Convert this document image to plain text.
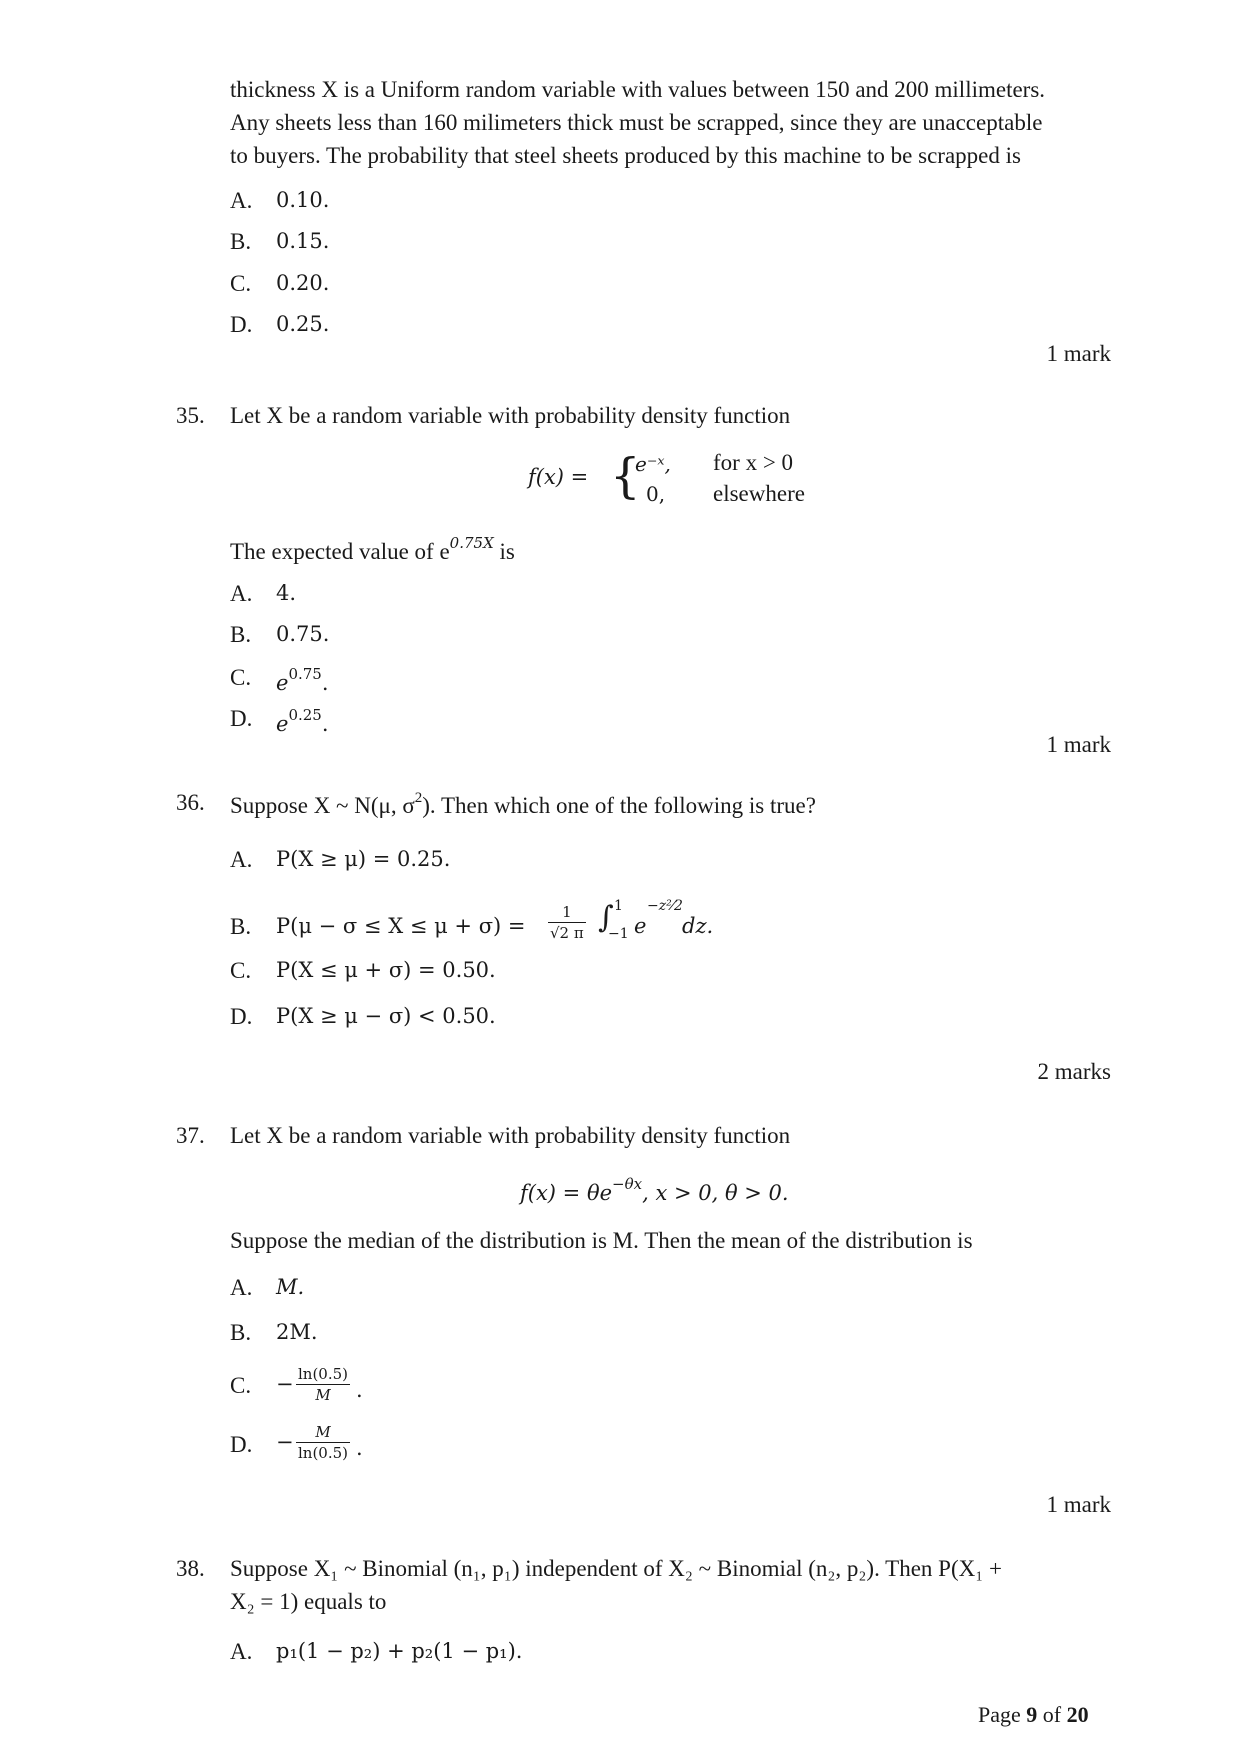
thickness X is a Uniform random variable with values between 150 and 200 millimeters.
Any sheets less than 160 milimeters thick must be scrapped, since they are unacceptable
to buyers. The probability that steel sheets produced by this machine to be scrapped is
A. 0.10.
B. 0.15.
C. 0.20.
D. 0.25.
1 mark
35. Let X be a random variable with probability density function
f(x) = {
e⁻ˣ, for x > 0
0, elsewhere
The expected value of $e^{0.75X}$ is
A. 4.
B. 0.75.
C. $e^{0.75}$.
D. $e^{0.25}$.
1 mark
36. Suppose X ~ N(μ, $\sigma^2$). Then which one of the following is true?
A. P(X ≥ μ) = 0.25.
B. $P(\mu - \sigma \le X \le \mu + \sigma) = \frac{1}{√2 \pi}$ ∫ 1
−1 e
−z²⁄2
dz.
C. P(X ≤ μ + σ) = 0.50.
D. P(X ≥ μ − σ) < 0.50.
2 marks
37. Let X be a random variable with probability density function
$f(x) = \theta e^{-\theta x}$, x > 0, θ > 0.
Suppose the median of the distribution is M. Then the mean of the distribution is
A. M.
B. 2M.
C. − $\frac{\ln(0.5)}{M}$ .
D. − $\frac{M}{\ln(0.5)}$ .
1 mark
38. Suppose X₁ ~ Binomial (n₁, p₁) independent of X₂ ~ Binomial (n₂, p₂). Then P(X₁ +
X₂ = 1) equals to
A. p₁(1 − p₂) + p₂(1 − p₁).
Page 9 of 20
